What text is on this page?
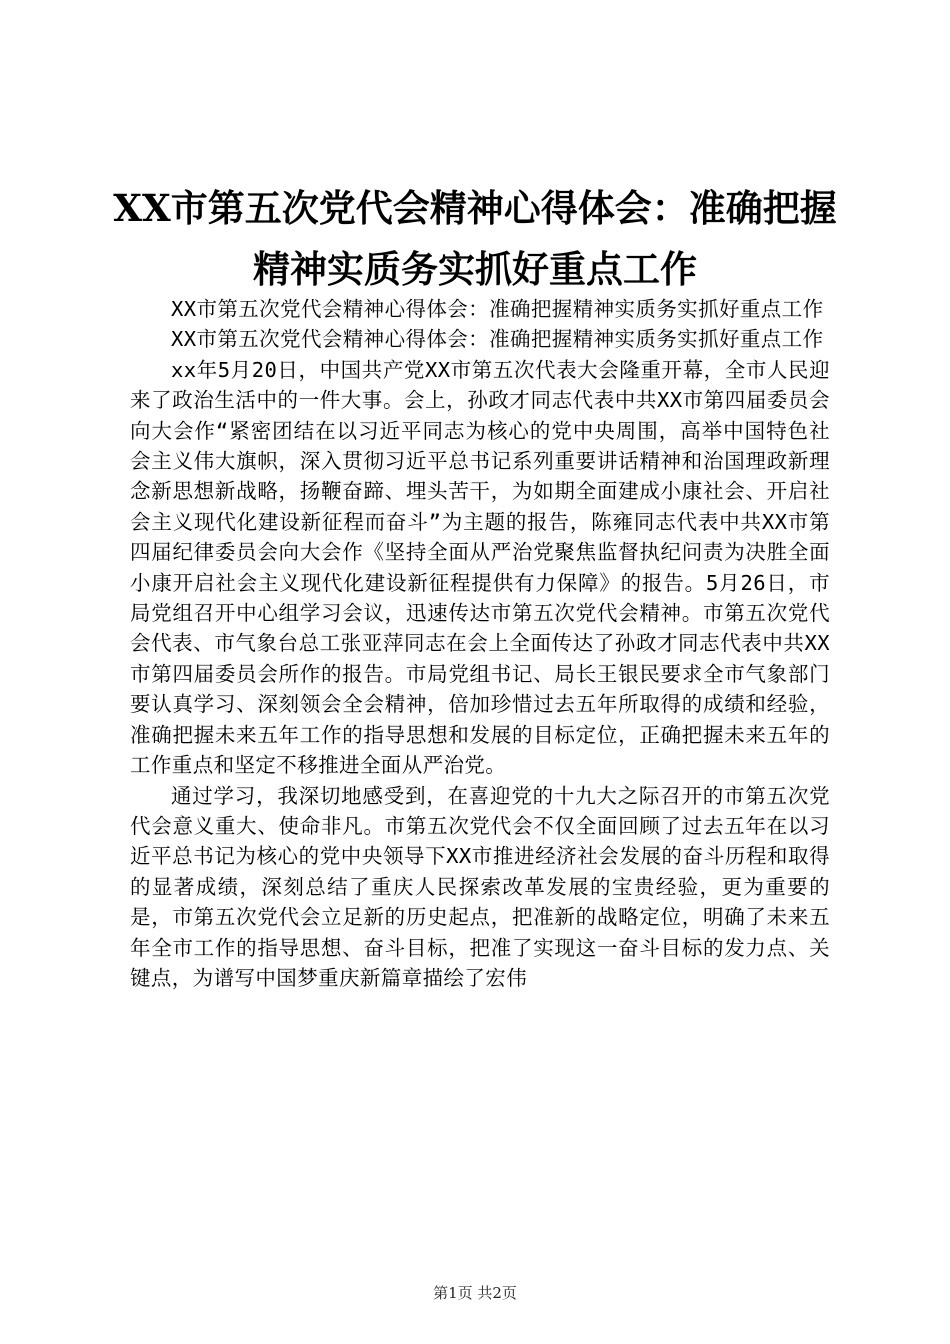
XX市第五次党代会精神心得体会：准确把握
精神实质务实抓好重点工作

XX市第五次党代会精神心得体会：准确把握精神实质务实抓好重点工作

XX市第五次党代会精神心得体会：准确把握精神实质务实抓好重点工作

xx年5月20日，中国共产党XX市第五次代表大会隆重开幕，全市人民迎来了政治生活中的一件大事。会上，孙政才同志代表中共XX市第四届委员会向大会作“紧密团结在以习近平同志为核心的党中央周围，高举中国特色社会主义伟大旗帜，深入贯彻习近平总书记系列重要讲话精神和治国理政新理念新思想新战略，扬鞭奋蹄、埋头苦干，为如期全面建成小康社会、开启社会主义现代化建设新征程而奋斗”为主题的报告，陈雍同志代表中共XX市第四届纪律委员会向大会作《坚持全面从严治党聚焦监督执纪问责为决胜全面小康开启社会主义现代化建设新征程提供有力保障》的报告。5月26日，市局党组召开中心组学习会议，迅速传达市第五次党代会精神。市第五次党代会代表、市气象台总工张亚萍同志在会上全面传达了孙政才同志代表中共XX市第四届委员会所作的报告。市局党组书记、局长王银民要求全市气象部门要认真学习、深刻领会全会精神，倍加珍惜过去五年所取得的成绩和经验，准确把握未来五年工作的指导思想和发展的目标定位，正确把握未来五年的工作重点和坚定不移推进全面从严治党。

通过学习，我深切地感受到，在喜迎党的十九大之际召开的市第五次党代会意义重大、使命非凡。市第五次党代会不仅全面回顾了过去五年在以习近平总书记为核心的党中央领导下XX市推进经济社会发展的奋斗历程和取得的显著成绩，深刻总结了重庆人民探索改革发展的宝贵经验，更为重要的是，市第五次党代会立足新的历史起点，把准新的战略定位，明确了未来五年全市工作的指导思想、奋斗目标，把准了实现这一奋斗目标的发力点、关键点，为谱写中国梦重庆新篇章描绘了宏伟

第1页 共2页
